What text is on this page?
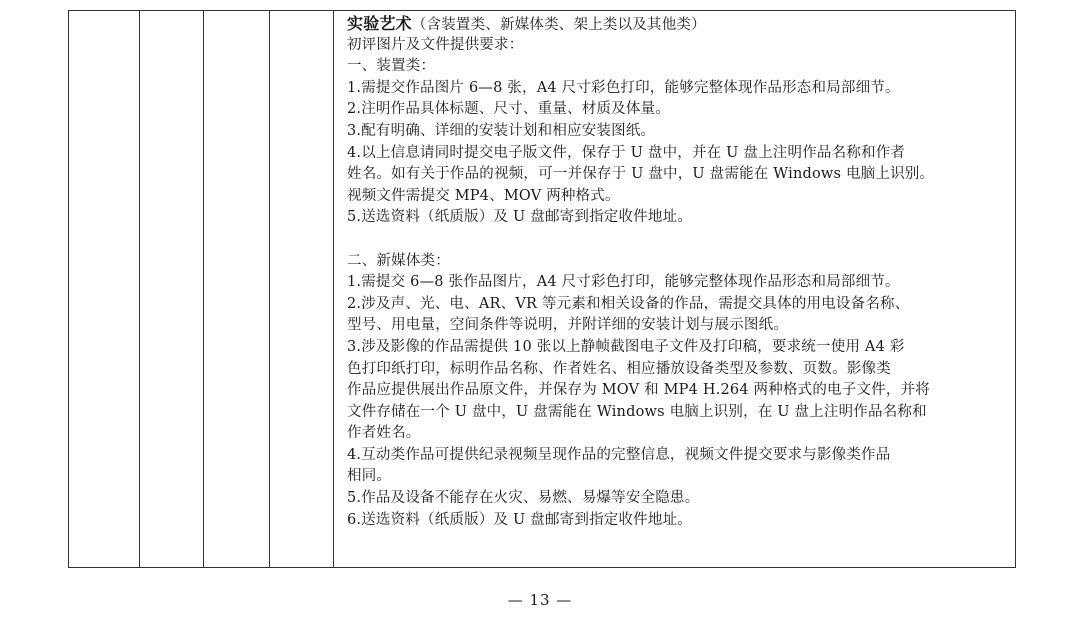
实验艺术（含装置类、新媒体类、架上类以及其他类）
初评图片及文件提供要求：
一、装置类：
1.需提交作品图片 6—8 张，A4 尺寸彩色打印，能够完整体现作品形态和局部细节。
2.注明作品具体标题、尺寸、重量、材质及体量。
3.配有明确、详细的安装计划和相应安装图纸。
4.以上信息请同时提交电子版文件，保存于 U 盘中，并在 U 盘上注明作品名称和作者
姓名。如有关于作品的视频，可一并保存于 U 盘中，U 盘需能在 Windows 电脑上识别。
视频文件需提交 MP4、MOV 两种格式。
5.送选资料（纸质版）及 U 盘邮寄到指定收件地址。
二、新媒体类：
1.需提交 6—8 张作品图片，A4 尺寸彩色打印，能够完整体现作品形态和局部细节。
2.涉及声、光、电、AR、VR 等元素和相关设备的作品，需提交具体的用电设备名称、
型号、用电量，空间条件等说明，并附详细的安装计划与展示图纸。
3.涉及影像的作品需提供 10 张以上静帧截图电子文件及打印稿，要求统一使用 A4 彩
色打印纸打印，标明作品名称、作者姓名、相应播放设备类型及参数、页数。影像类
作品应提供展出作品原文件，并保存为 MOV 和 MP4 H.264 两种格式的电子文件，并将
文件存储在一个 U 盘中，U 盘需能在 Windows 电脑上识别，在 U 盘上注明作品名称和
作者姓名。
4.互动类作品可提供纪录视频呈现作品的完整信息，视频文件提交要求与影像类作品
相同。
5.作品及设备不能存在火灾、易燃、易爆等安全隐患。
6.送选资料（纸质版）及 U 盘邮寄到指定收件地址。
— 13 —
